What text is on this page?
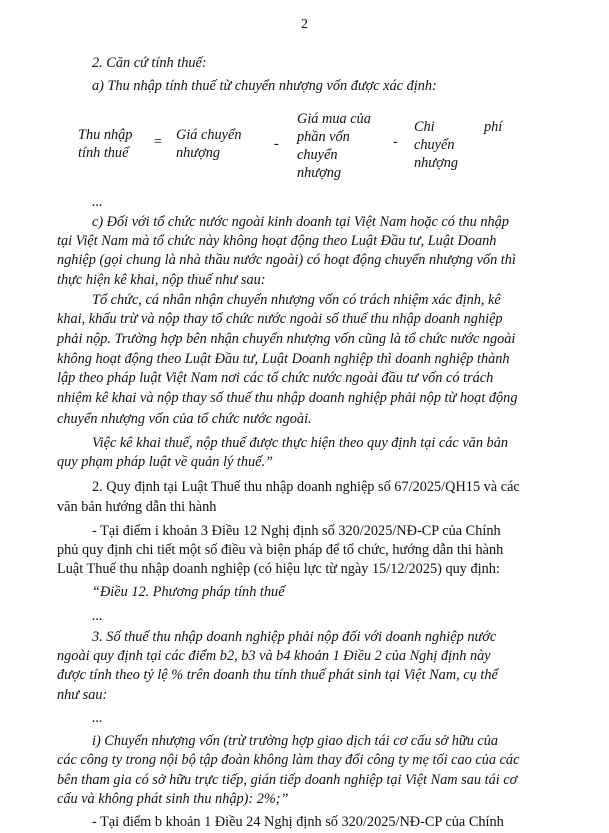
2
2. Căn cứ tính thuế:
a) Thu nhập tính thuế từ chuyển nhượng vốn được xác định:
Thu nhập
tính thuế
= Giá chuyển
nhượng
-
Giá mua của
phần vốn
chuyển
nhượng
-
Chi	phí
chuyển
nhượng
...
c) Đối với tổ chức nước ngoài kinh doanh tại Việt Nam hoặc có thu nhập
tại Việt Nam mà tổ chức này không hoạt động theo Luật Đầu tư, Luật Doanh
nghiệp (gọi chung là nhà thầu nước ngoài) có hoạt động chuyển nhượng vốn thì
thực hiện kê khai, nộp thuế như sau:
Tổ chức, cá nhân nhận chuyển nhượng vốn có trách nhiệm xác định, kê
khai, khấu trừ và nộp thay tổ chức nước ngoài số thuế thu nhập doanh nghiệp
phải nộp. Trường hợp bên nhận chuyển nhượng vốn cũng là tổ chức nước ngoài
không hoạt động theo Luật Đầu tư, Luật Doanh nghiệp thì doanh nghiệp thành
lập theo pháp luật Việt Nam nơi các tổ chức nước ngoài đầu tư vốn có trách
nhiệm kê khai và nộp thay số thuế thu nhập doanh nghiệp phải nộp từ hoạt động
chuyển nhượng vốn của tổ chức nước ngoài.
Việc kê khai thuế, nộp thuế được thực hiện theo quy định tại các văn bản
quy phạm pháp luật về quản lý thuế.”
2. Quy định tại Luật Thuế thu nhập doanh nghiệp số 67/2025/QH15 và các
văn bản hướng dẫn thi hành
- Tại điểm i khoản 3 Điều 12 Nghị định số 320/2025/NĐ-CP của Chính
phủ quy định chi tiết một số điều và biện pháp để tổ chức, hướng dẫn thi hành
Luật Thuế thu nhập doanh nghiệp (có hiệu lực từ ngày 15/12/2025) quy định:
“Điều 12. Phương pháp tính thuế
...
3. Số thuế thu nhập doanh nghiệp phải nộp đối với doanh nghiệp nước
ngoài quy định tại các điểm b2, b3 và b4 khoản 1 Điều 2 của Nghị định này
được tính theo tỷ lệ % trên doanh thu tính thuế phát sinh tại Việt Nam, cụ thể
như sau:
...
i) Chuyển nhượng vốn (trừ trường hợp giao dịch tái cơ cấu sở hữu của
các công ty trong nội bộ tập đoàn không làm thay đổi công ty mẹ tối cao của các
bên tham gia có sở hữu trực tiếp, gián tiếp doanh nghiệp tại Việt Nam sau tái cơ
cấu và không phát sinh thu nhập): 2%;”
- Tại điểm b khoản 1 Điều 24 Nghị định số 320/2025/NĐ-CP của Chính
